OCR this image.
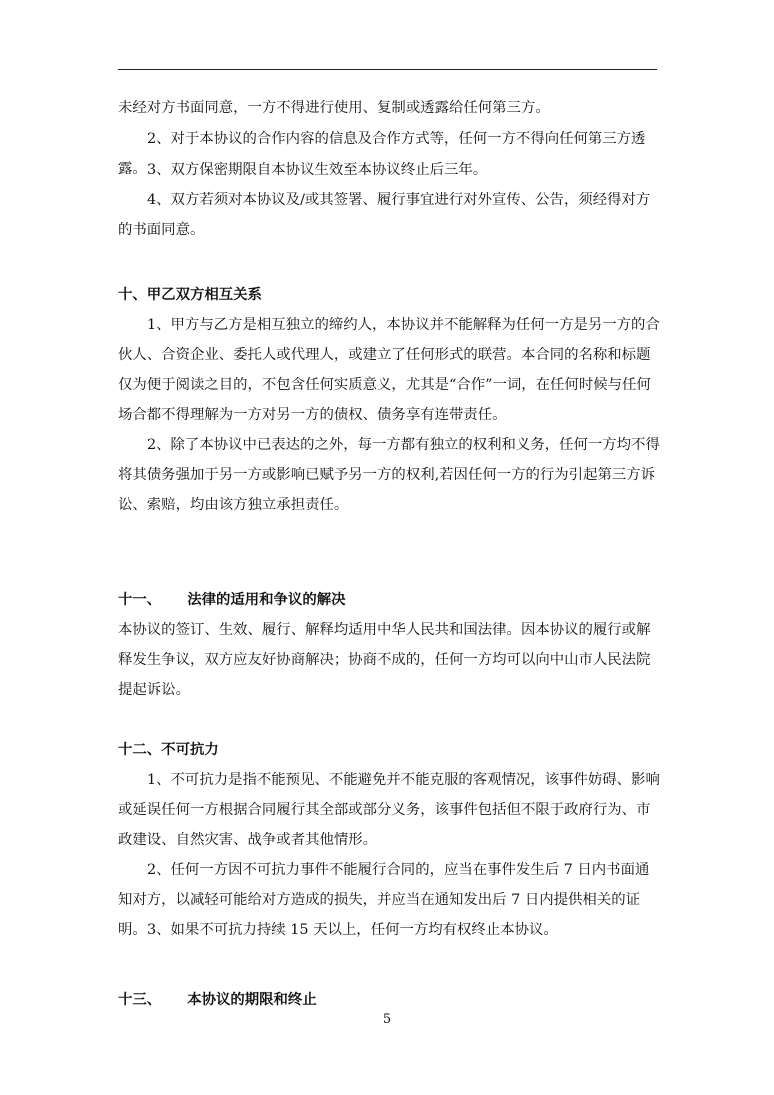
未经对方书面同意，一方不得进行使用、复制或透露给任何第三方。

2、对于本协议的合作内容的信息及合作方式等，任何一方不得向任何第三方透露。 3、双方保密期限自本协议生效至本协议终止后三年。

4、双方若须对本协议及/或其签署、履行事宜进行对外宣传、公告，须经得对方的书面同意。

十、甲乙双方相互关系

1、甲方与乙方是相互独立的缔约人，本协议并不能解释为任何一方是另一方的合伙人、合资企业、委托人或代理人，或建立了任何形式的联营。本合同的名称和标题仅为便于阅读之目的，不包含任何实质意义，尤其是“合作”一词，在任何时候与任何场合都不得理解为一方对另一方的债权、债务享有连带责任。

2、除了本协议中已表达的之外，每一方都有独立的权利和义务，任何一方均不得将其债务强加于另一方或影响已赋予另一方的权利,若因任何一方的行为引起第三方诉讼、索赔，均由该方独立承担责任。

十一、 法律的适用和争议的解决

本协议的签订、生效、履行、解释均适用中华人民共和国法律。因本协议的履行或解释发生争议，双方应友好协商解决；协商不成的，任何一方均可以向中山市人民法院提起诉讼。

十二、不可抗力

1、不可抗力是指不能预见、不能避免并不能克服的客观情况，该事件妨碍、影响或延误任何一方根据合同履行其全部或部分义务，该事件包括但不限于政府行为、市政建设、自然灾害、战争或者其他情形。

2、任何一方因不可抗力事件不能履行合同的，应当在事件发生后 7 日内书面通知对方，以减轻可能给对方造成的损失，并应当在通知发出后 7 日内提供相关的证明。 3、如果不可抗力持续 15 天以上，任何一方均有权终止本协议。

十三、 本协议的期限和终止
5
